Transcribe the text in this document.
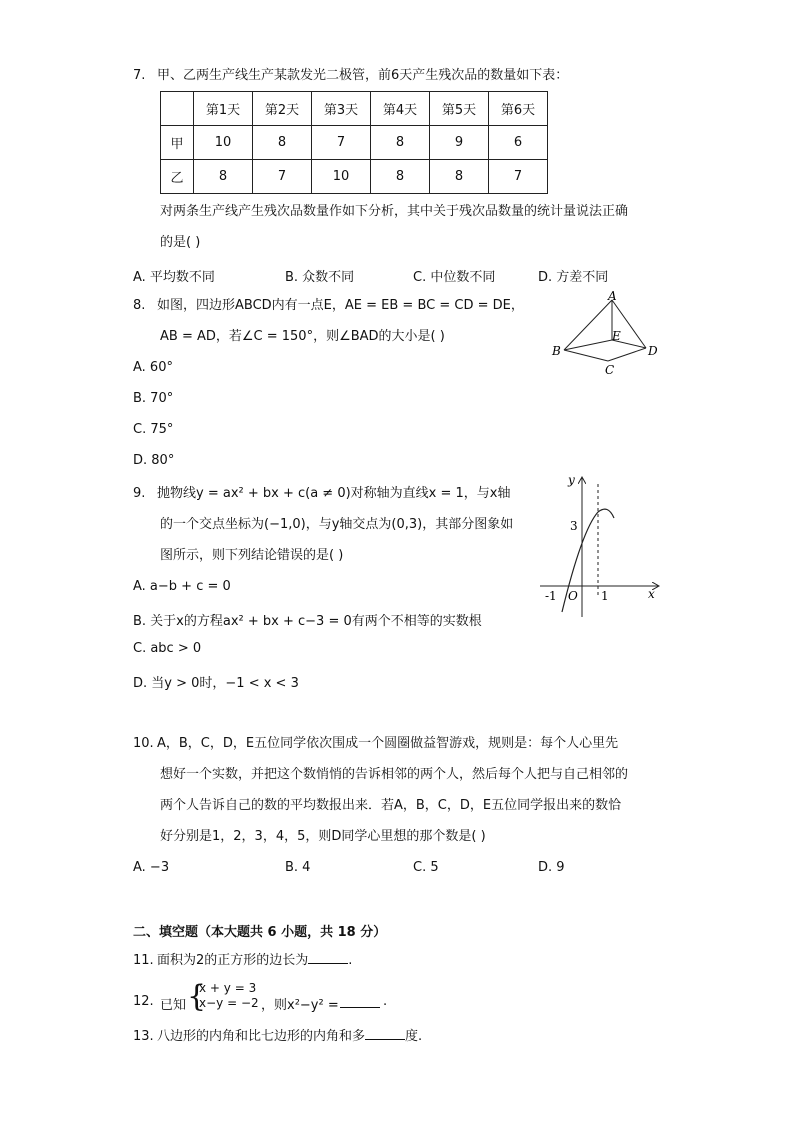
7. 甲、乙两生产线生产某款发光二极管，前6天产生残次品的数量如下表：
	第1天	第2天	第3天	第4天	第5天	第6天
甲	10	8	7	8	9	6
乙	8	7	10	8	8	7
对两条生产线产生残次品数量作如下分析，其中关于残次品数量的统计量说法正确
的是( )
A. 平均数不同	B. 众数不同	C. 中位数不同	D. 方差不同
8. 如图，四边形ABCD内有一点E，AE = EB = BC = CD = DE，
AB = AD，若∠C = 150°，则∠BAD的大小是( )
A. 60°
B. 70°
C. 75°
D. 80°
A
B
C
D
E
9. 抛物线y = ax² + bx + c(a ≠ 0)对称轴为直线x = 1，与x轴
的一个交点坐标为(−1,0)，与y轴交点为(0,3)，其部分图象如
图所示，则下列结论错误的是( )
A. a−b + c = 0
B. 关于x的方程ax² + bx + c−3 = 0有两个不相等的实数根
C. abc > 0
D. 当y > 0时，−1 < x < 3
y
x
O
-1	1
3
10. A，B，C，D，E五位同学依次围成一个圆圈做益智游戏，规则是：每个人心里先
想好一个实数，并把这个数悄悄的告诉相邻的两个人，然后每个人把与自己相邻的
两个人告诉自己的数的平均数报出来．若A，B，C，D，E五位同学报出来的数恰
好分别是1，2，3，4，5，则D同学心里想的那个数是( )
A. −3	B. 4	C. 5	D. 9
二、填空题（本大题共 6 小题，共 18 分）
11. 面积为2的正方形的边长为	.
12. 已知 {
x + y = 3
x−y = −2 ，则x²−y² =	.
13. 八边形的内角和比七边形的内角和多	度.
